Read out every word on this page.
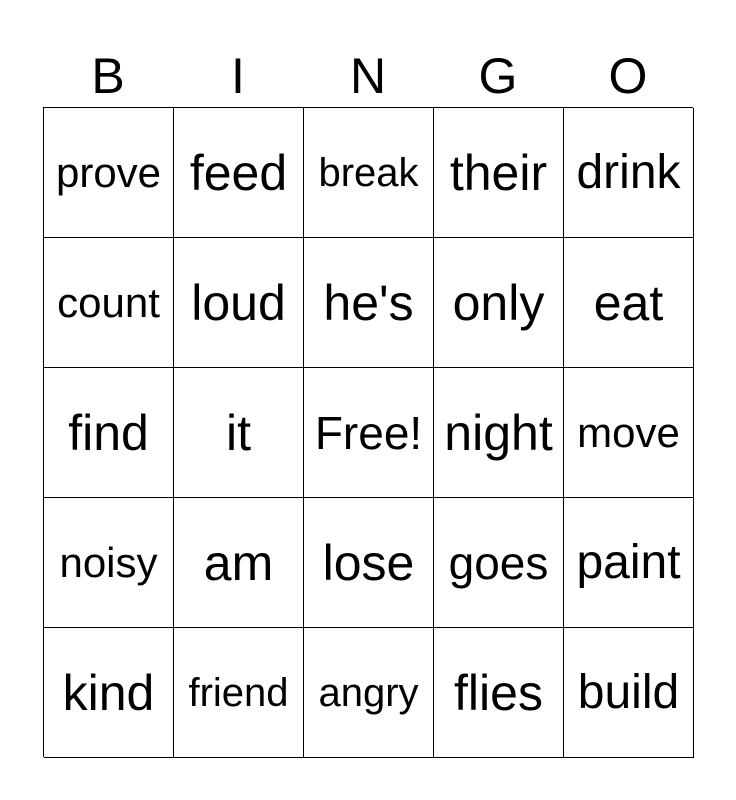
B	I	N	G	O
prove feed break their drink
count loud he's only eat
find	it	Free! night move
noisy am lose goes paint
kind friend angry flies build
